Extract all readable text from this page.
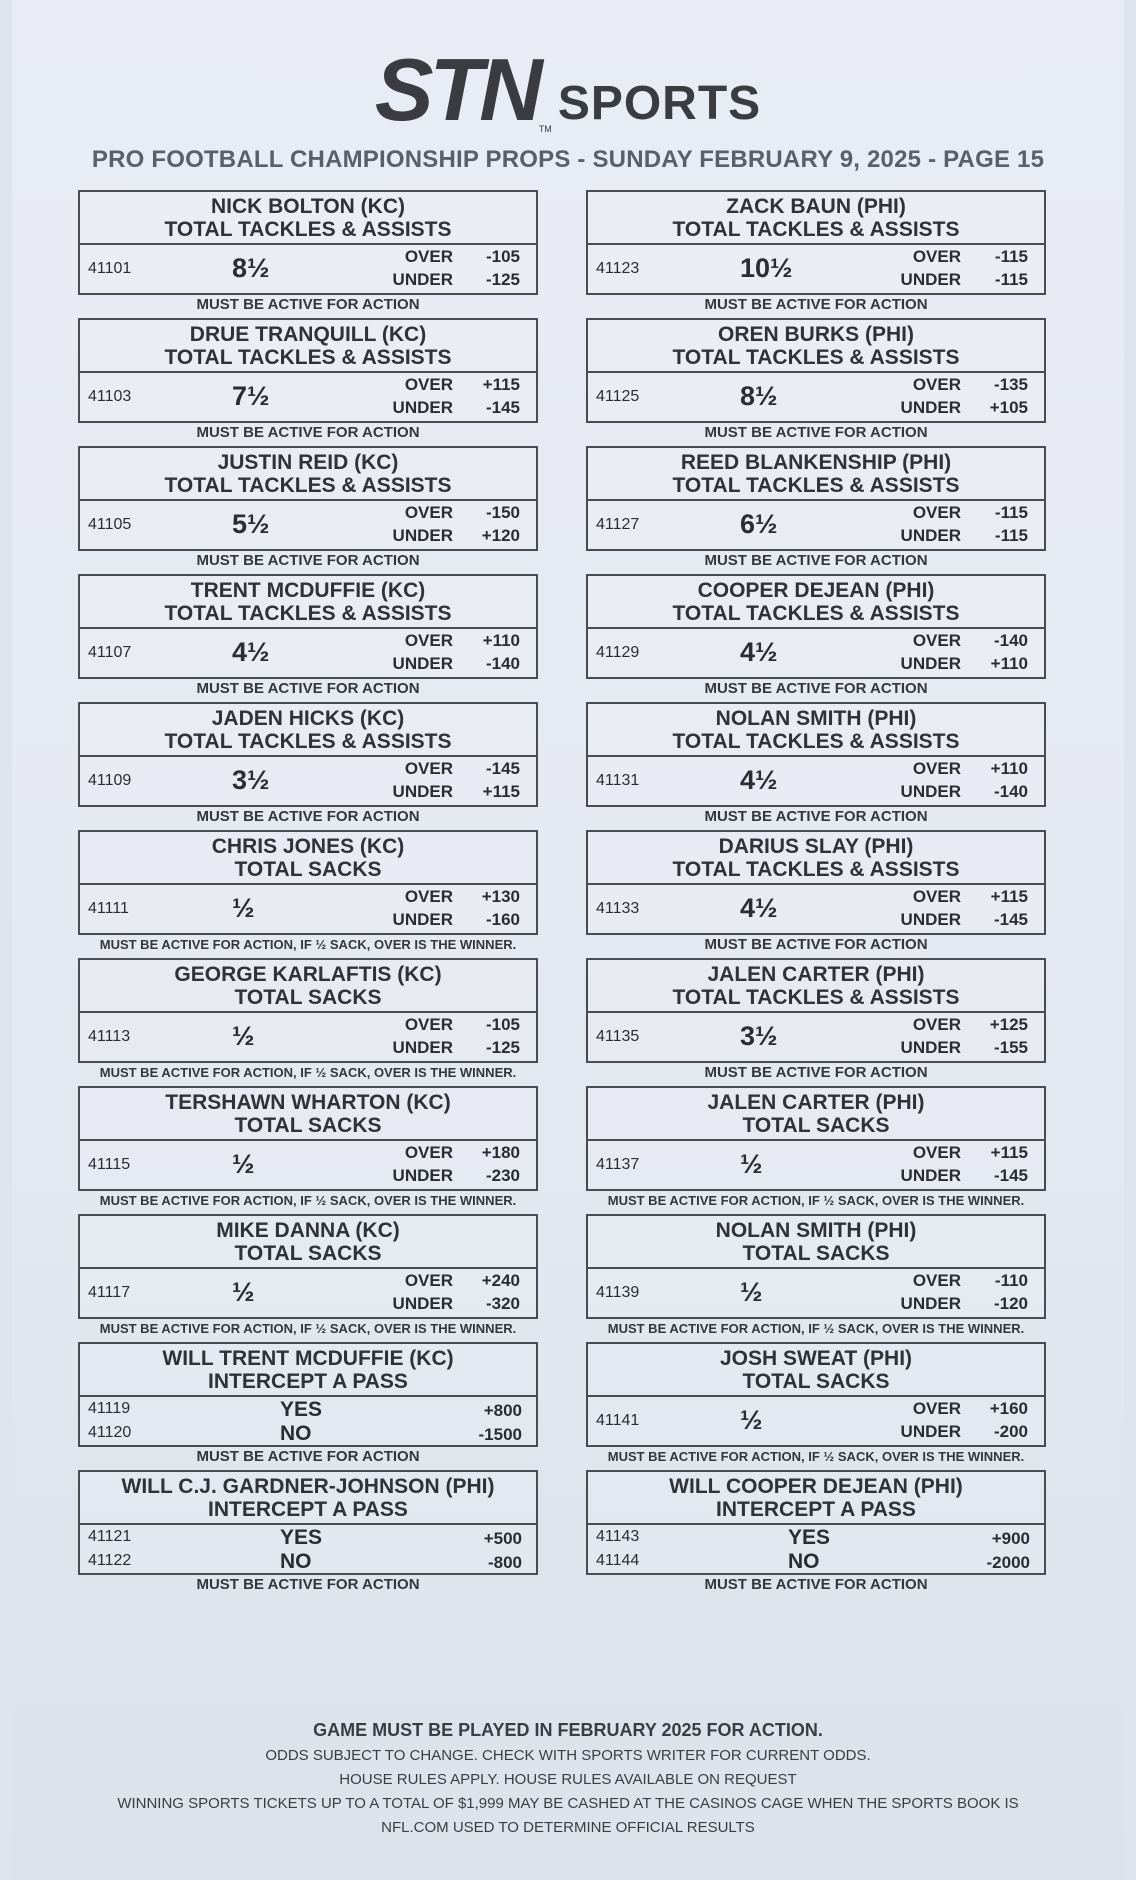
STNTM SPORTS
PRO FOOTBALL CHAMPIONSHIP PROPS - SUNDAY FEBRUARY 9, 2025 - PAGE 15
NICK BOLTON (KC)
TOTAL TACKLES & ASSISTS
41101	8½	OVER	-105
UNDER	-125
MUST BE ACTIVE FOR ACTION
DRUE TRANQUILL (KC)
TOTAL TACKLES & ASSISTS
41103	7½	OVER	+115
UNDER	-145
MUST BE ACTIVE FOR ACTION
JUSTIN REID (KC)
TOTAL TACKLES & ASSISTS
41105	5½	OVER	-150
UNDER	+120
MUST BE ACTIVE FOR ACTION
TRENT MCDUFFIE (KC)
TOTAL TACKLES & ASSISTS
41107	4½	OVER	+110
UNDER	-140
MUST BE ACTIVE FOR ACTION
JADEN HICKS (KC)
TOTAL TACKLES & ASSISTS
41109	3½	OVER	-145
UNDER	+115
MUST BE ACTIVE FOR ACTION
CHRIS JONES (KC)
TOTAL SACKS
41111	½	OVER	+130
UNDER	-160
MUST BE ACTIVE FOR ACTION, IF ½ SACK, OVER IS THE WINNER.
GEORGE KARLAFTIS (KC)
TOTAL SACKS
41113	½	OVER	-105
UNDER	-125
MUST BE ACTIVE FOR ACTION, IF ½ SACK, OVER IS THE WINNER.
TERSHAWN WHARTON (KC)
TOTAL SACKS
41115	½	OVER	+180
UNDER	-230
MUST BE ACTIVE FOR ACTION, IF ½ SACK, OVER IS THE WINNER.
MIKE DANNA (KC)
TOTAL SACKS
41117	½	OVER	+240
UNDER	-320
MUST BE ACTIVE FOR ACTION, IF ½ SACK, OVER IS THE WINNER.
WILL TRENT MCDUFFIE (KC)
INTERCEPT A PASS
41119	YES	+800
41120	NO	-1500
MUST BE ACTIVE FOR ACTION
WILL C.J. GARDNER-JOHNSON (PHI)
INTERCEPT A PASS
41121	YES	+500
41122	NO	-800
MUST BE ACTIVE FOR ACTION
ZACK BAUN (PHI)
TOTAL TACKLES & ASSISTS
41123	10½	OVER	-115
UNDER	-115
MUST BE ACTIVE FOR ACTION
OREN BURKS (PHI)
TOTAL TACKLES & ASSISTS
41125	8½	OVER	-135
UNDER	+105
MUST BE ACTIVE FOR ACTION
REED BLANKENSHIP (PHI)
TOTAL TACKLES & ASSISTS
41127	6½	OVER	-115
UNDER	-115
MUST BE ACTIVE FOR ACTION
COOPER DEJEAN (PHI)
TOTAL TACKLES & ASSISTS
41129	4½	OVER	-140
UNDER	+110
MUST BE ACTIVE FOR ACTION
NOLAN SMITH (PHI)
TOTAL TACKLES & ASSISTS
41131	4½	OVER	+110
UNDER	-140
MUST BE ACTIVE FOR ACTION
DARIUS SLAY (PHI)
TOTAL TACKLES & ASSISTS
41133	4½	OVER	+115
UNDER	-145
MUST BE ACTIVE FOR ACTION
JALEN CARTER (PHI)
TOTAL TACKLES & ASSISTS
41135	3½	OVER	+125
UNDER	-155
MUST BE ACTIVE FOR ACTION
JALEN CARTER (PHI)
TOTAL SACKS
41137	½	OVER	+115
UNDER	-145
MUST BE ACTIVE FOR ACTION, IF ½ SACK, OVER IS THE WINNER.
NOLAN SMITH (PHI)
TOTAL SACKS
41139	½	OVER	-110
UNDER	-120
MUST BE ACTIVE FOR ACTION, IF ½ SACK, OVER IS THE WINNER.
JOSH SWEAT (PHI)
TOTAL SACKS
41141	½	OVER	+160
UNDER	-200
MUST BE ACTIVE FOR ACTION, IF ½ SACK, OVER IS THE WINNER.
WILL COOPER DEJEAN (PHI)
INTERCEPT A PASS
41143	YES	+900
41144	NO	-2000
MUST BE ACTIVE FOR ACTION
GAME MUST BE PLAYED IN FEBRUARY 2025 FOR ACTION.
ODDS SUBJECT TO CHANGE. CHECK WITH SPORTS WRITER FOR CURRENT ODDS.
HOUSE RULES APPLY. HOUSE RULES AVAILABLE ON REQUEST
WINNING SPORTS TICKETS UP TO A TOTAL OF $1,999 MAY BE CASHED AT THE CASINOS CAGE WHEN THE SPORTS BOOK IS
NFL.COM USED TO DETERMINE OFFICIAL RESULTS
